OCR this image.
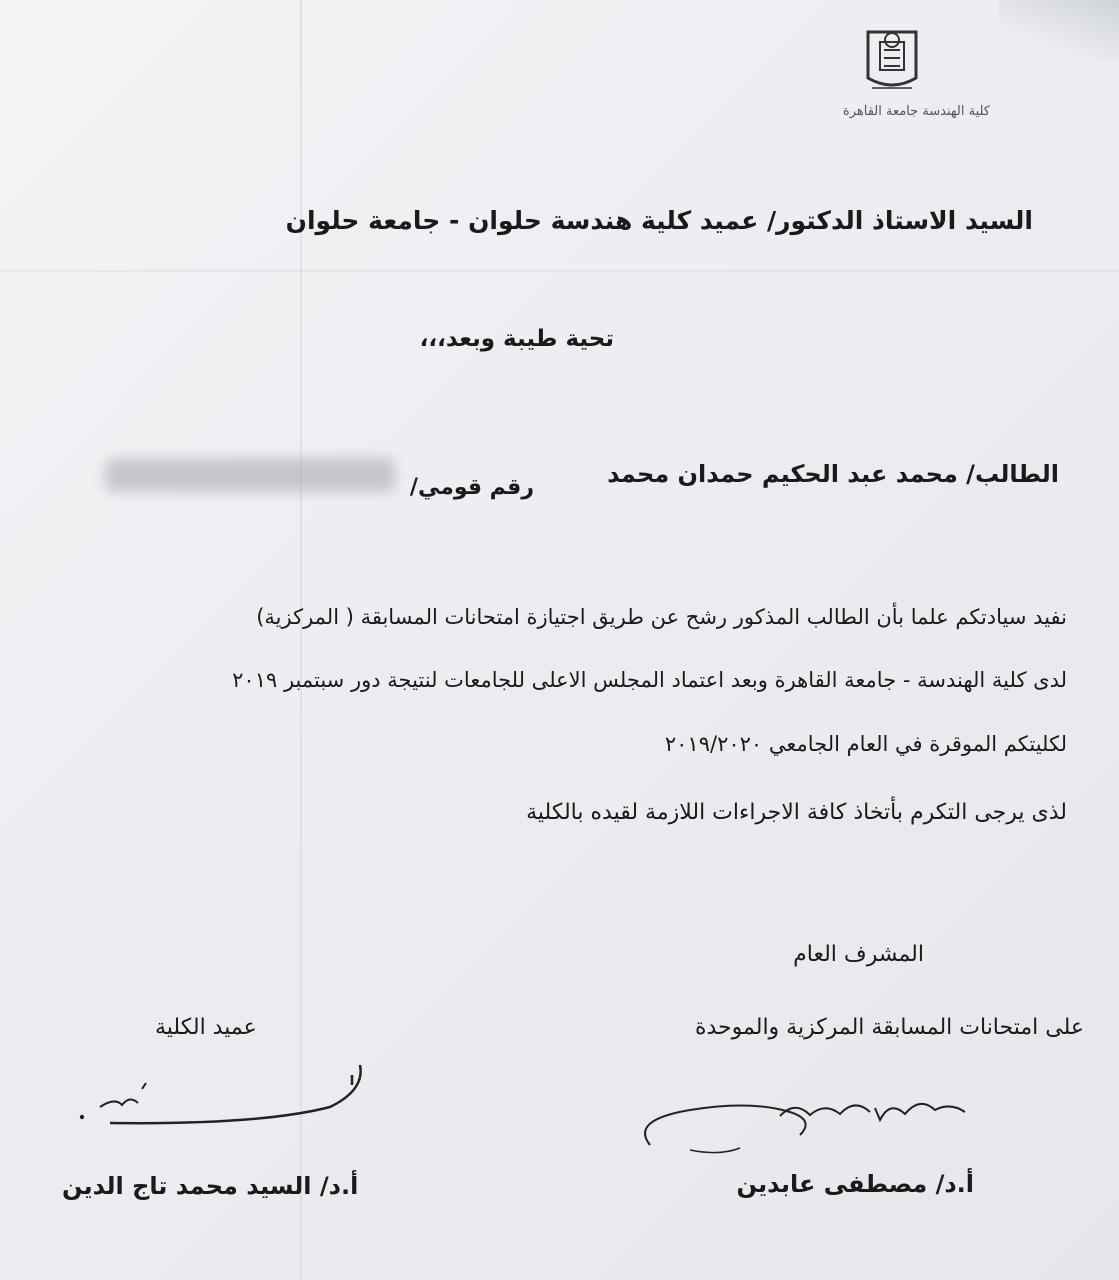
كلية الهندسة جامعة القاهرة
السيد الاستاذ الدكتور/ عميد كلية هندسة حلوان - جامعة حلوان
تحية طيبة وبعد،،،
الطالب/ محمد عبد الحكيم حمدان محمد
رقم قومي/
نفيد سيادتكم علما بأن الطالب المذكور رشح عن طريق اجتيازة امتحانات المسابقة ( المركزية)
لدى كلية الهندسة - جامعة القاهرة وبعد اعتماد المجلس الاعلى للجامعات لنتيجة دور سبتمبر ٢٠١٩
لكليتكم الموقرة في العام الجامعي ٢٠١٩/٢٠٢٠
لذى يرجى التكرم بأتخاذ كافة الاجراءات اللازمة لقيده بالكلية
المشرف العام
على امتحانات المسابقة المركزية والموحدة
عميد الكلية
أ.د/ مصطفى عابدين
أ.د/ السيد محمد تاج الدين
